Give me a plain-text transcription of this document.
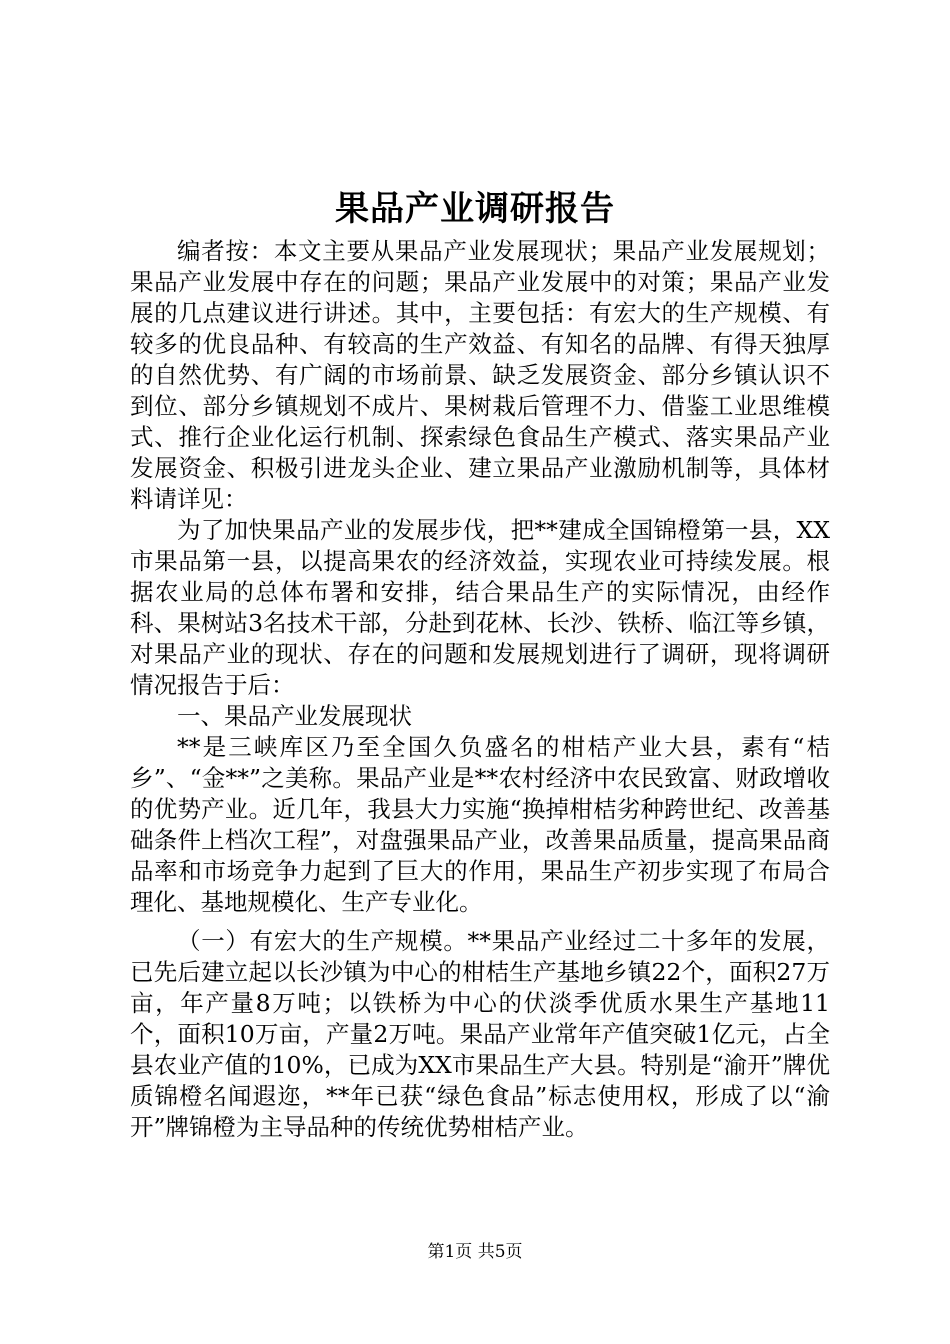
果品产业调研报告

编者按：本文主要从果品产业发展现状；果品产业发展规划；果品产业发展中存在的问题；果品产业发展中的对策；果品产业发展的几点建议进行讲述。其中，主要包括：有宏大的生产规模、有较多的优良品种、有较高的生产效益、有知名的品牌、有得天独厚的自然优势、有广阔的市场前景、缺乏发展资金、部分乡镇认识不到位、部分乡镇规划不成片、果树栽后管理不力、借鉴工业思维模式、推行企业化运行机制、探索绿色食品生产模式、落实果品产业发展资金、积极引进龙头企业、建立果品产业激励机制等，具体材料请详见：

为了加快果品产业的发展步伐，把**建成全国锦橙第一县，XX市果品第一县，以提高果农的经济效益，实现农业可持续发展。根据农业局的总体布署和安排，结合果品生产的实际情况，由经作科、果树站3名技术干部，分赴到花林、长沙、铁桥、临江等乡镇，对果品产业的现状、存在的问题和发展规划进行了调研，现将调研情况报告于后：

一、果品产业发展现状

**是三峡库区乃至全国久负盛名的柑桔产业大县，素有“桔乡”、“金**”之美称。果品产业是**农村经济中农民致富、财政增收的优势产业。近几年，我县大力实施“换掉柑桔劣种跨世纪、改善基础条件上档次工程”，对盘强果品产业，改善果品质量，提高果品商品率和市场竞争力起到了巨大的作用，果品生产初步实现了布局合理化、基地规模化、生产专业化。

（一）有宏大的生产规模。**果品产业经过二十多年的发展，已先后建立起以长沙镇为中心的柑桔生产基地乡镇22个，面积27万亩，年产量8万吨；以铁桥为中心的伏淡季优质水果生产基地11个，面积10万亩，产量2万吨。果品产业常年产值突破1亿元，占全县农业产值的10%，已成为XX市果品生产大县。特别是“渝开”牌优质锦橙名闻遐迩，**年已获“绿色食品”标志使用权，形成了以“渝开”牌锦橙为主导品种的传统优势柑桔产业。

第1页 共5页
